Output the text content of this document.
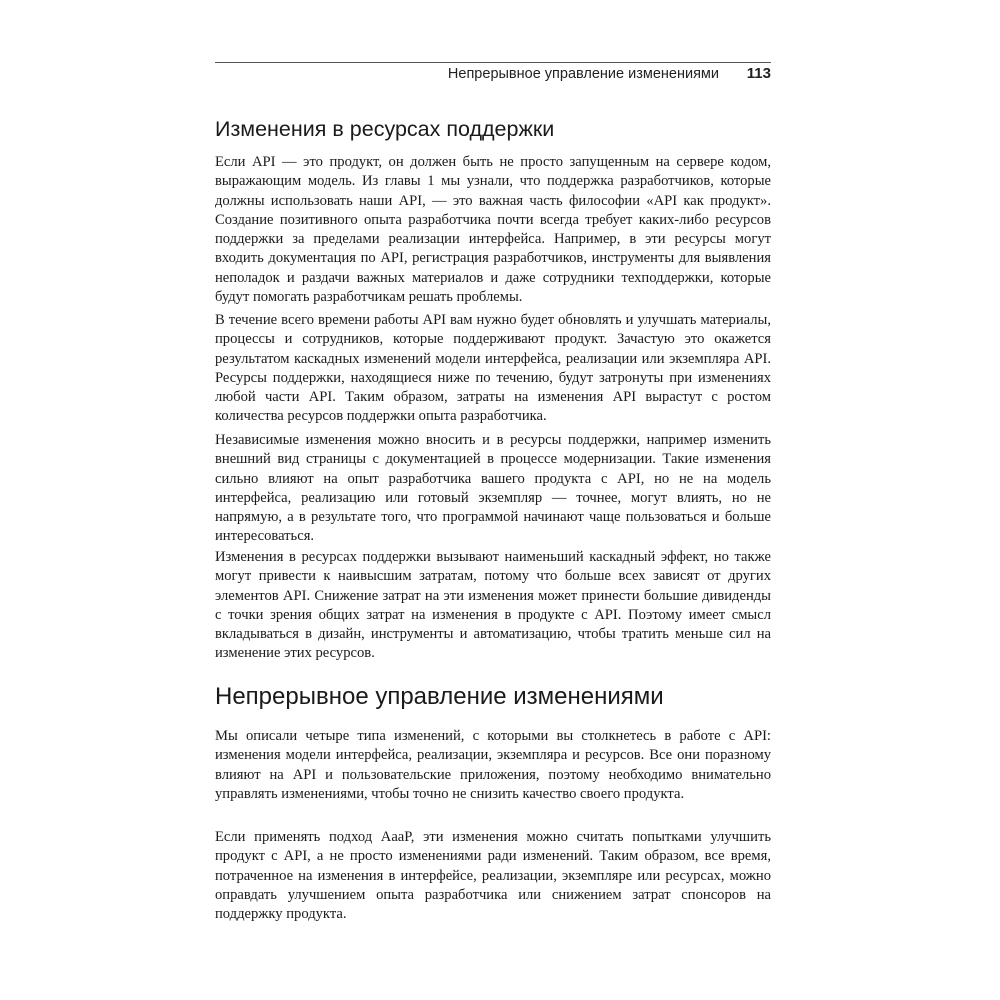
Непрерывное управление изменениями 113
Изменения в ресурсах поддержки

Если API — это продукт, он должен быть не просто запущенным на сервере кодом, выражающим модель. Из главы 1 мы узнали, что поддержка разработчиков, которые должны использовать наши API, — это важная часть философии «API как продукт». Создание позитивного опыта разработчика почти всегда требует каких-либо ресурсов поддержки за пределами реализации интерфейса. Например, в эти ресурсы могут входить документация по API, регистрация разработчиков, инструменты для выявления неполадок и раздачи важных материалов и даже сотрудники техподдержки, которые будут помогать разработчикам решать проблемы.

В течение всего времени работы API вам нужно будет обновлять и улучшать материалы, процессы и сотрудников, которые поддерживают продукт. Зачастую это окажется результатом каскадных изменений модели интерфейса, реализации или экземпляра API. Ресурсы поддержки, находящиеся ниже по течению, будут затронуты при изменениях любой части API. Таким образом, затраты на изменения API вырастут с ростом количества ресурсов поддержки опыта разработчика.

Независимые изменения можно вносить и в ресурсы поддержки, например изменить внешний вид страницы с документацией в процессе модернизации. Такие изменения сильно влияют на опыт разработчика вашего продукта с API, но не на модель интерфейса, реализацию или готовый экземпляр — точнее, могут влиять, но не напрямую, а в результате того, что программой начинают чаще пользоваться и больше интересоваться.

Изменения в ресурсах поддержки вызывают наименьший каскадный эффект, но также могут привести к наивысшим затратам, потому что больше всех зависят от других элементов API. Снижение затрат на эти изменения может принести большие дивиденды с точки зрения общих затрат на изменения в продукте с API. Поэтому имеет смысл вкладываться в дизайн, инструменты и автоматизацию, чтобы тратить меньше сил на изменение этих ресурсов.

Непрерывное управление изменениями

Мы описали четыре типа изменений, с которыми вы столкнетесь в работе с API: изменения модели интерфейса, реализации, экземпляра и ресурсов. Все они поразному влияют на API и пользовательские приложения, поэтому необходимо внимательно управлять изменениями, чтобы точно не снизить качество своего продукта.

Если применять подход AaaP, эти изменения можно считать попытками улучшить продукт с API, а не просто изменениями ради изменений. Таким образом, все время, потраченное на изменения в интерфейсе, реализации, экземпляре или ресурсах, можно оправдать улучшением опыта разработчика или снижением затрат спонсоров на поддержку продукта.
